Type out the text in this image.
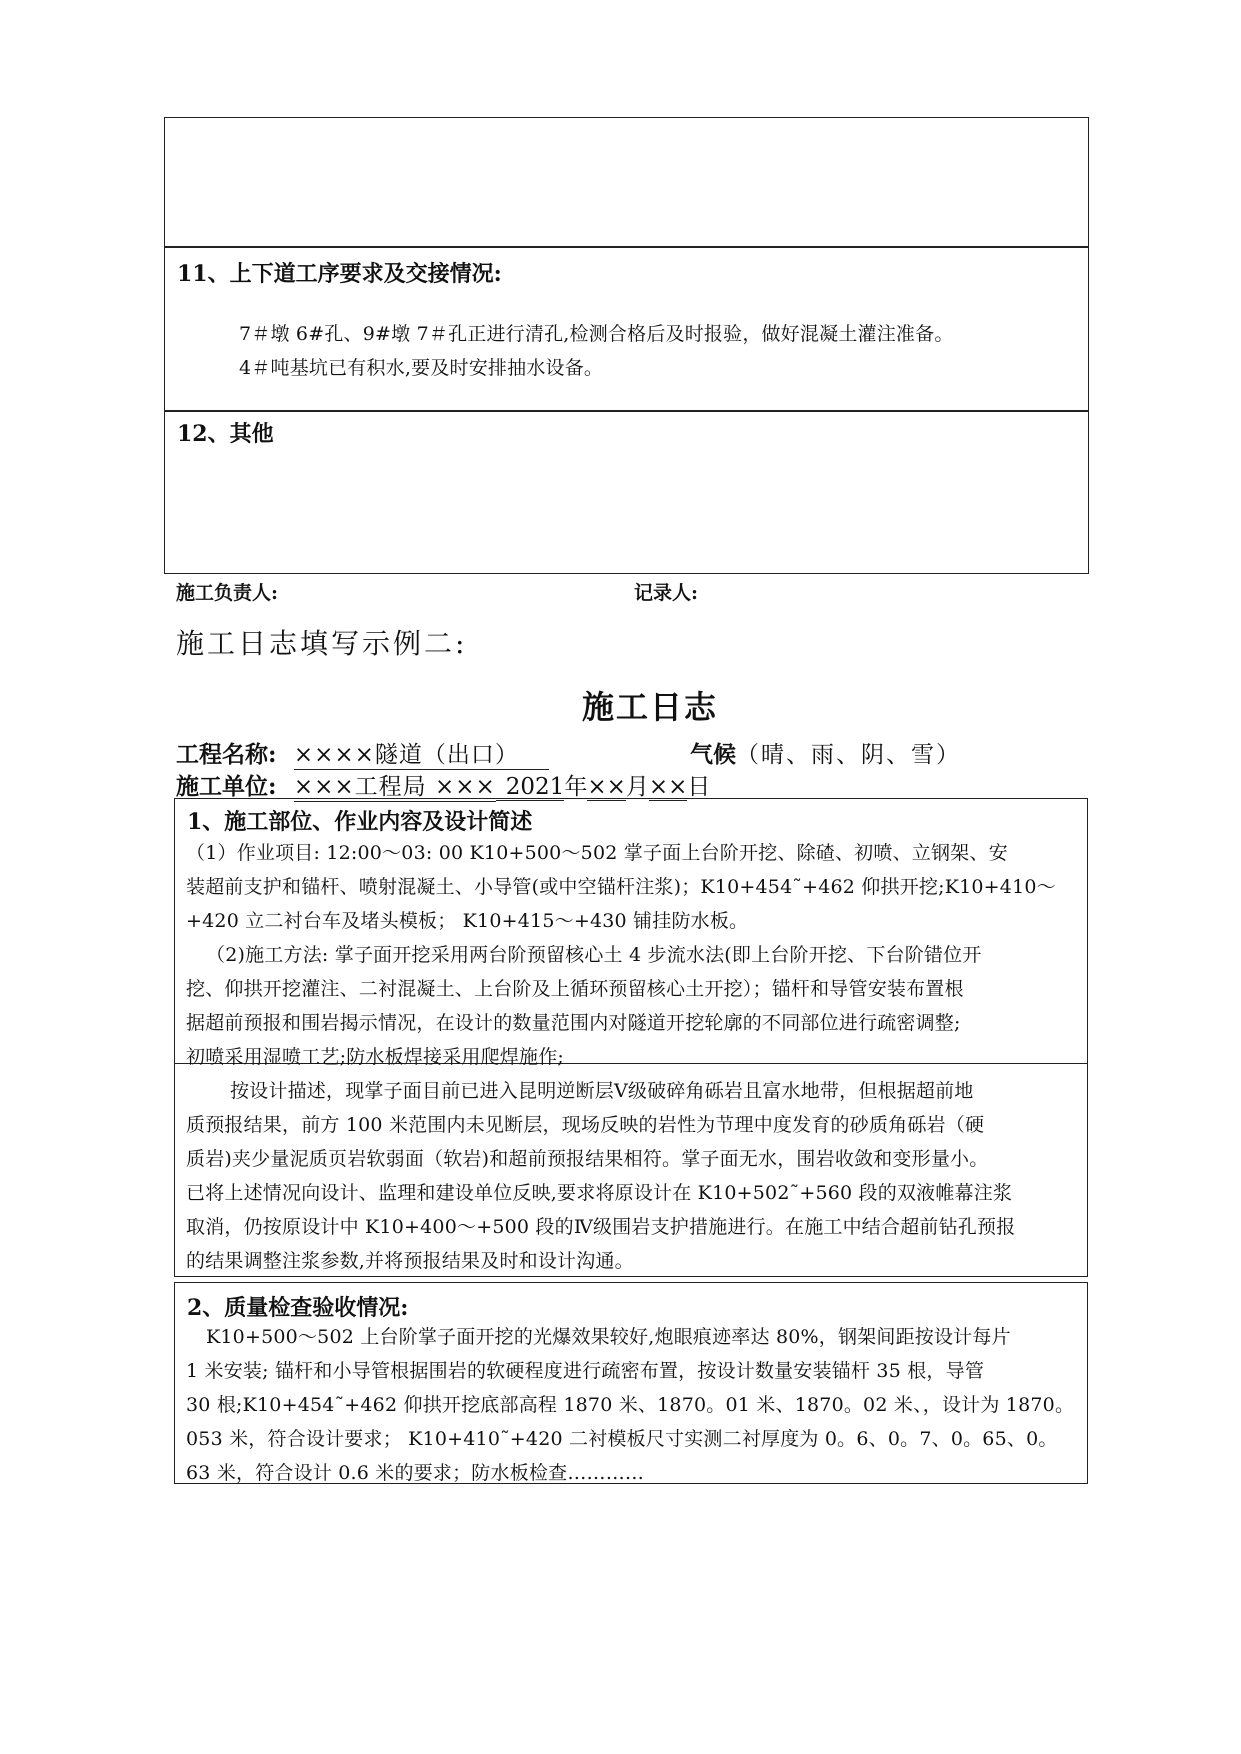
11、上下道工序要求及交接情况:
7＃墩 6#孔、9#墩 7＃孔正进行清孔,检测合格后及时报验，做好混凝土灌注准备。
4＃吨基坑已有积水,要及时安排抽水设备。
12、其他
施工负责人:	记录人:
施工日志填写示例二:
施工日志
工程名称: ××××隧道（出口）	气候（晴、雨、阴、雪）
施工单位: ×××工程局 ××× 2021年××月××日
1、施工部位、作业内容及设计简述
2、质量检查验收情况:
（1）作业项目: 12:00～03: 00 K10+500～502 掌子面上台阶开挖、除碴、初喷、立钢架、安
装超前支护和锚杆、喷射混凝土、小导管(或中空锚杆注浆)；K10+454˜+462 仰拱开挖;K10+410～
+420 立二衬台车及堵头模板； K10+415～+430 铺挂防水板。
（2)施工方法: 掌子面开挖采用两台阶预留核心土 4 步流水法(即上台阶开挖、下台阶错位开
挖、仰拱开挖灌注、二衬混凝土、上台阶及上循环预留核心土开挖）；锚杆和导管安装布置根
据超前预报和围岩揭示情况，在设计的数量范围内对隧道开挖轮廓的不同部位进行疏密调整;
初喷采用湿喷工艺;防水板焊接采用爬焊施作;
按设计描述，现掌子面目前已进入昆明逆断层Ⅴ级破碎角砾岩且富水地带，但根据超前地
质预报结果，前方 100 米范围内未见断层，现场反映的岩性为节理中度发育的砂质角砾岩（硬
质岩)夹少量泥质页岩软弱面（软岩)和超前预报结果相符。掌子面无水，围岩收敛和变形量小。
已将上述情况向设计、监理和建设单位反映,要求将原设计在 K10+502˜+560 段的双液帷幕注浆
取消，仍按原设计中 K10+400～+500 段的Ⅳ级围岩支护措施进行。在施工中结合超前钻孔预报
的结果调整注浆参数,并将预报结果及时和设计沟通。
K10+500～502 上台阶掌子面开挖的光爆效果较好,炮眼痕迹率达 80%，钢架间距按设计每片
1 米安装; 锚杆和小导管根据围岩的软硬程度进行疏密布置，按设计数量安装锚杆 35 根，导管
30 根;K10+454˜+462 仰拱开挖底部高程 1870 米、1870。01 米、1870。02 米、，设计为 1870。
053 米，符合设计要求； K10+410˜+420 二衬模板尺寸实测二衬厚度为 0。6、0。7、0。65、0。
63 米，符合设计 0.6 米的要求；防水板检查…………
